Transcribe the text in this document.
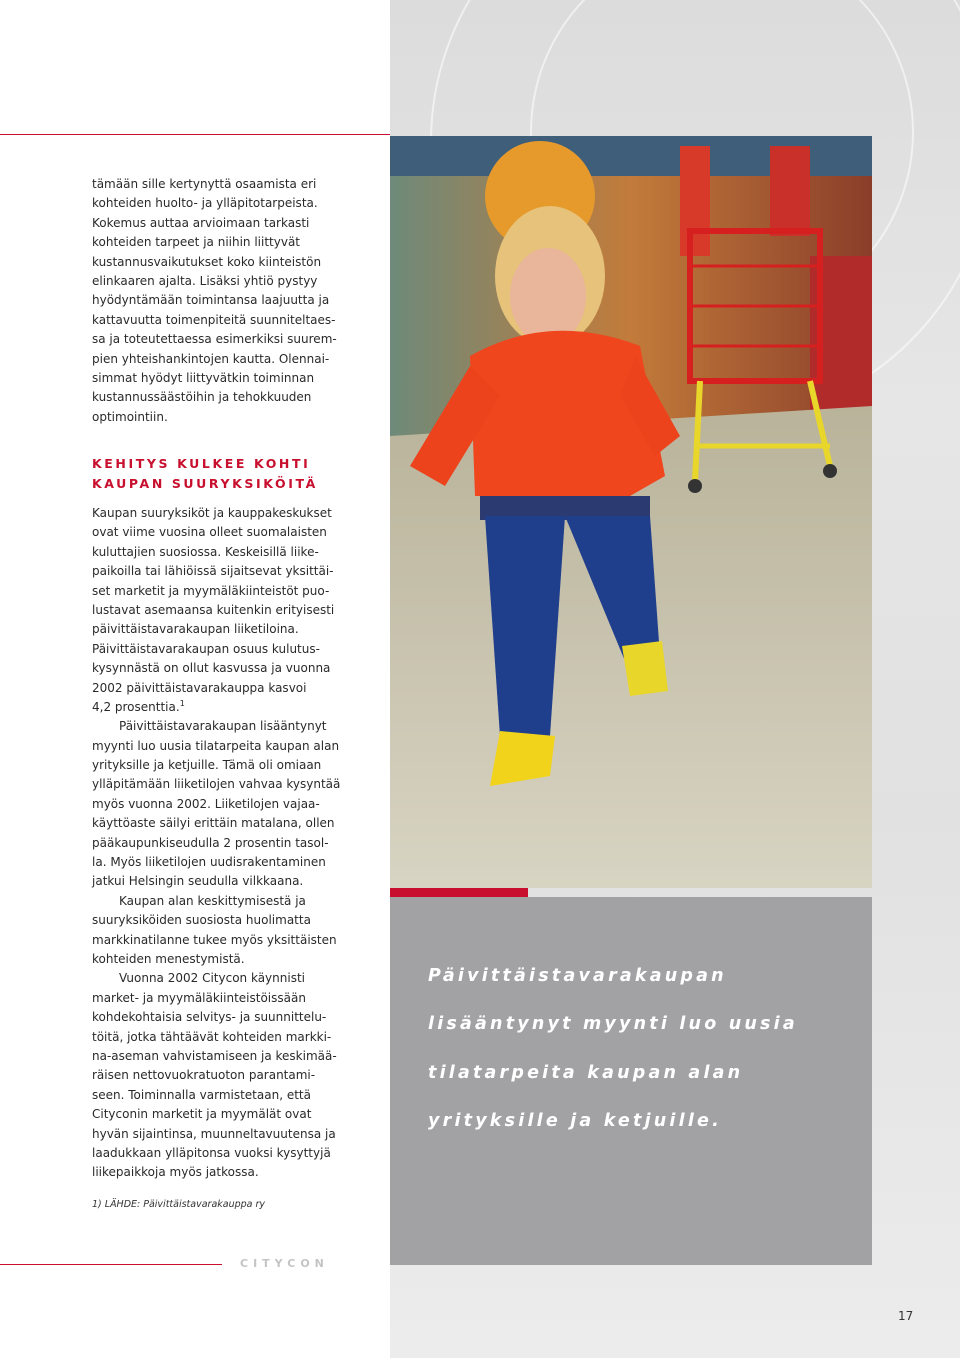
Päivittäistavarakaupan
lisääntynyt myynti luo uusia
tilatarpeita kaupan alan
yrityksille ja ketjuille.
tämään sille kertynyttä osaamista eri
kohteiden huolto- ja ylläpitotarpeista.
Kokemus auttaa arvioimaan tarkasti
kohteiden tarpeet ja niihin liittyvät
kustannusvaikutukset koko kiinteistön
elinkaaren ajalta. Lisäksi yhtiö pystyy
hyödyntämään toimintansa laajuutta ja
kattavuutta toimenpiteitä suunniteltaes-
sa ja toteutettaessa esimerkiksi suurem-
pien yhteishankintojen kautta. Olennai-
simmat hyödyt liittyvätkin toiminnan
kustannussäästöihin ja tehokkuuden
optimointiin.
KEHITYS KULKEE KOHTI
KAUPAN SUURYKSIKÖITÄ
Kaupan suuryksiköt ja kauppakeskukset
ovat viime vuosina olleet suomalaisten
kuluttajien suosiossa. Keskeisillä liike-
paikoilla tai lähiöissä sijaitsevat yksittäi-
set marketit ja myymäläkiinteistöt puo-
lustavat asemaansa kuitenkin erityisesti
päivittäistavarakaupan liiketiloina.
Päivittäistavarakaupan osuus kulutus-
kysynnästä on ollut kasvussa ja vuonna
2002 päivittäistavarakauppa kasvoi
4,2 prosenttia.$^1$
Päivittäistavarakaupan lisääntynyt
myynti luo uusia tilatarpeita kaupan alan
yrityksille ja ketjuille. Tämä oli omiaan
ylläpitämään liiketilojen vahvaa kysyntää
myös vuonna 2002. Liiketilojen vajaa-
käyttöaste säilyi erittäin matalana, ollen
pääkaupunkiseudulla 2 prosentin tasol-
la. Myös liiketilojen uudisrakentaminen
jatkui Helsingin seudulla vilkkaana.
Kaupan alan keskittymisestä ja
suuryksiköiden suosiosta huolimatta
markkinatilanne tukee myös yksittäisten
kohteiden menestymistä.
Vuonna 2002 Citycon käynnisti
market- ja myymäläkiinteistöissään
kohdekohtaisia selvitys- ja suunnittelu-
töitä, jotka tähtäävät kohteiden markki-
na-aseman vahvistamiseen ja keskimää-
räisen nettovuokratuoton parantami-
seen. Toiminnalla varmistetaan, että
Cityconin marketit ja myymälät ovat
hyvän sijaintinsa, muunneltavuutensa ja
laadukkaan ylläpitonsa vuoksi kysyttyjä
liikepaikkoja myös jatkossa.
1) LÄHDE: Päivittäistavarakauppa ry
CITYCON
17
